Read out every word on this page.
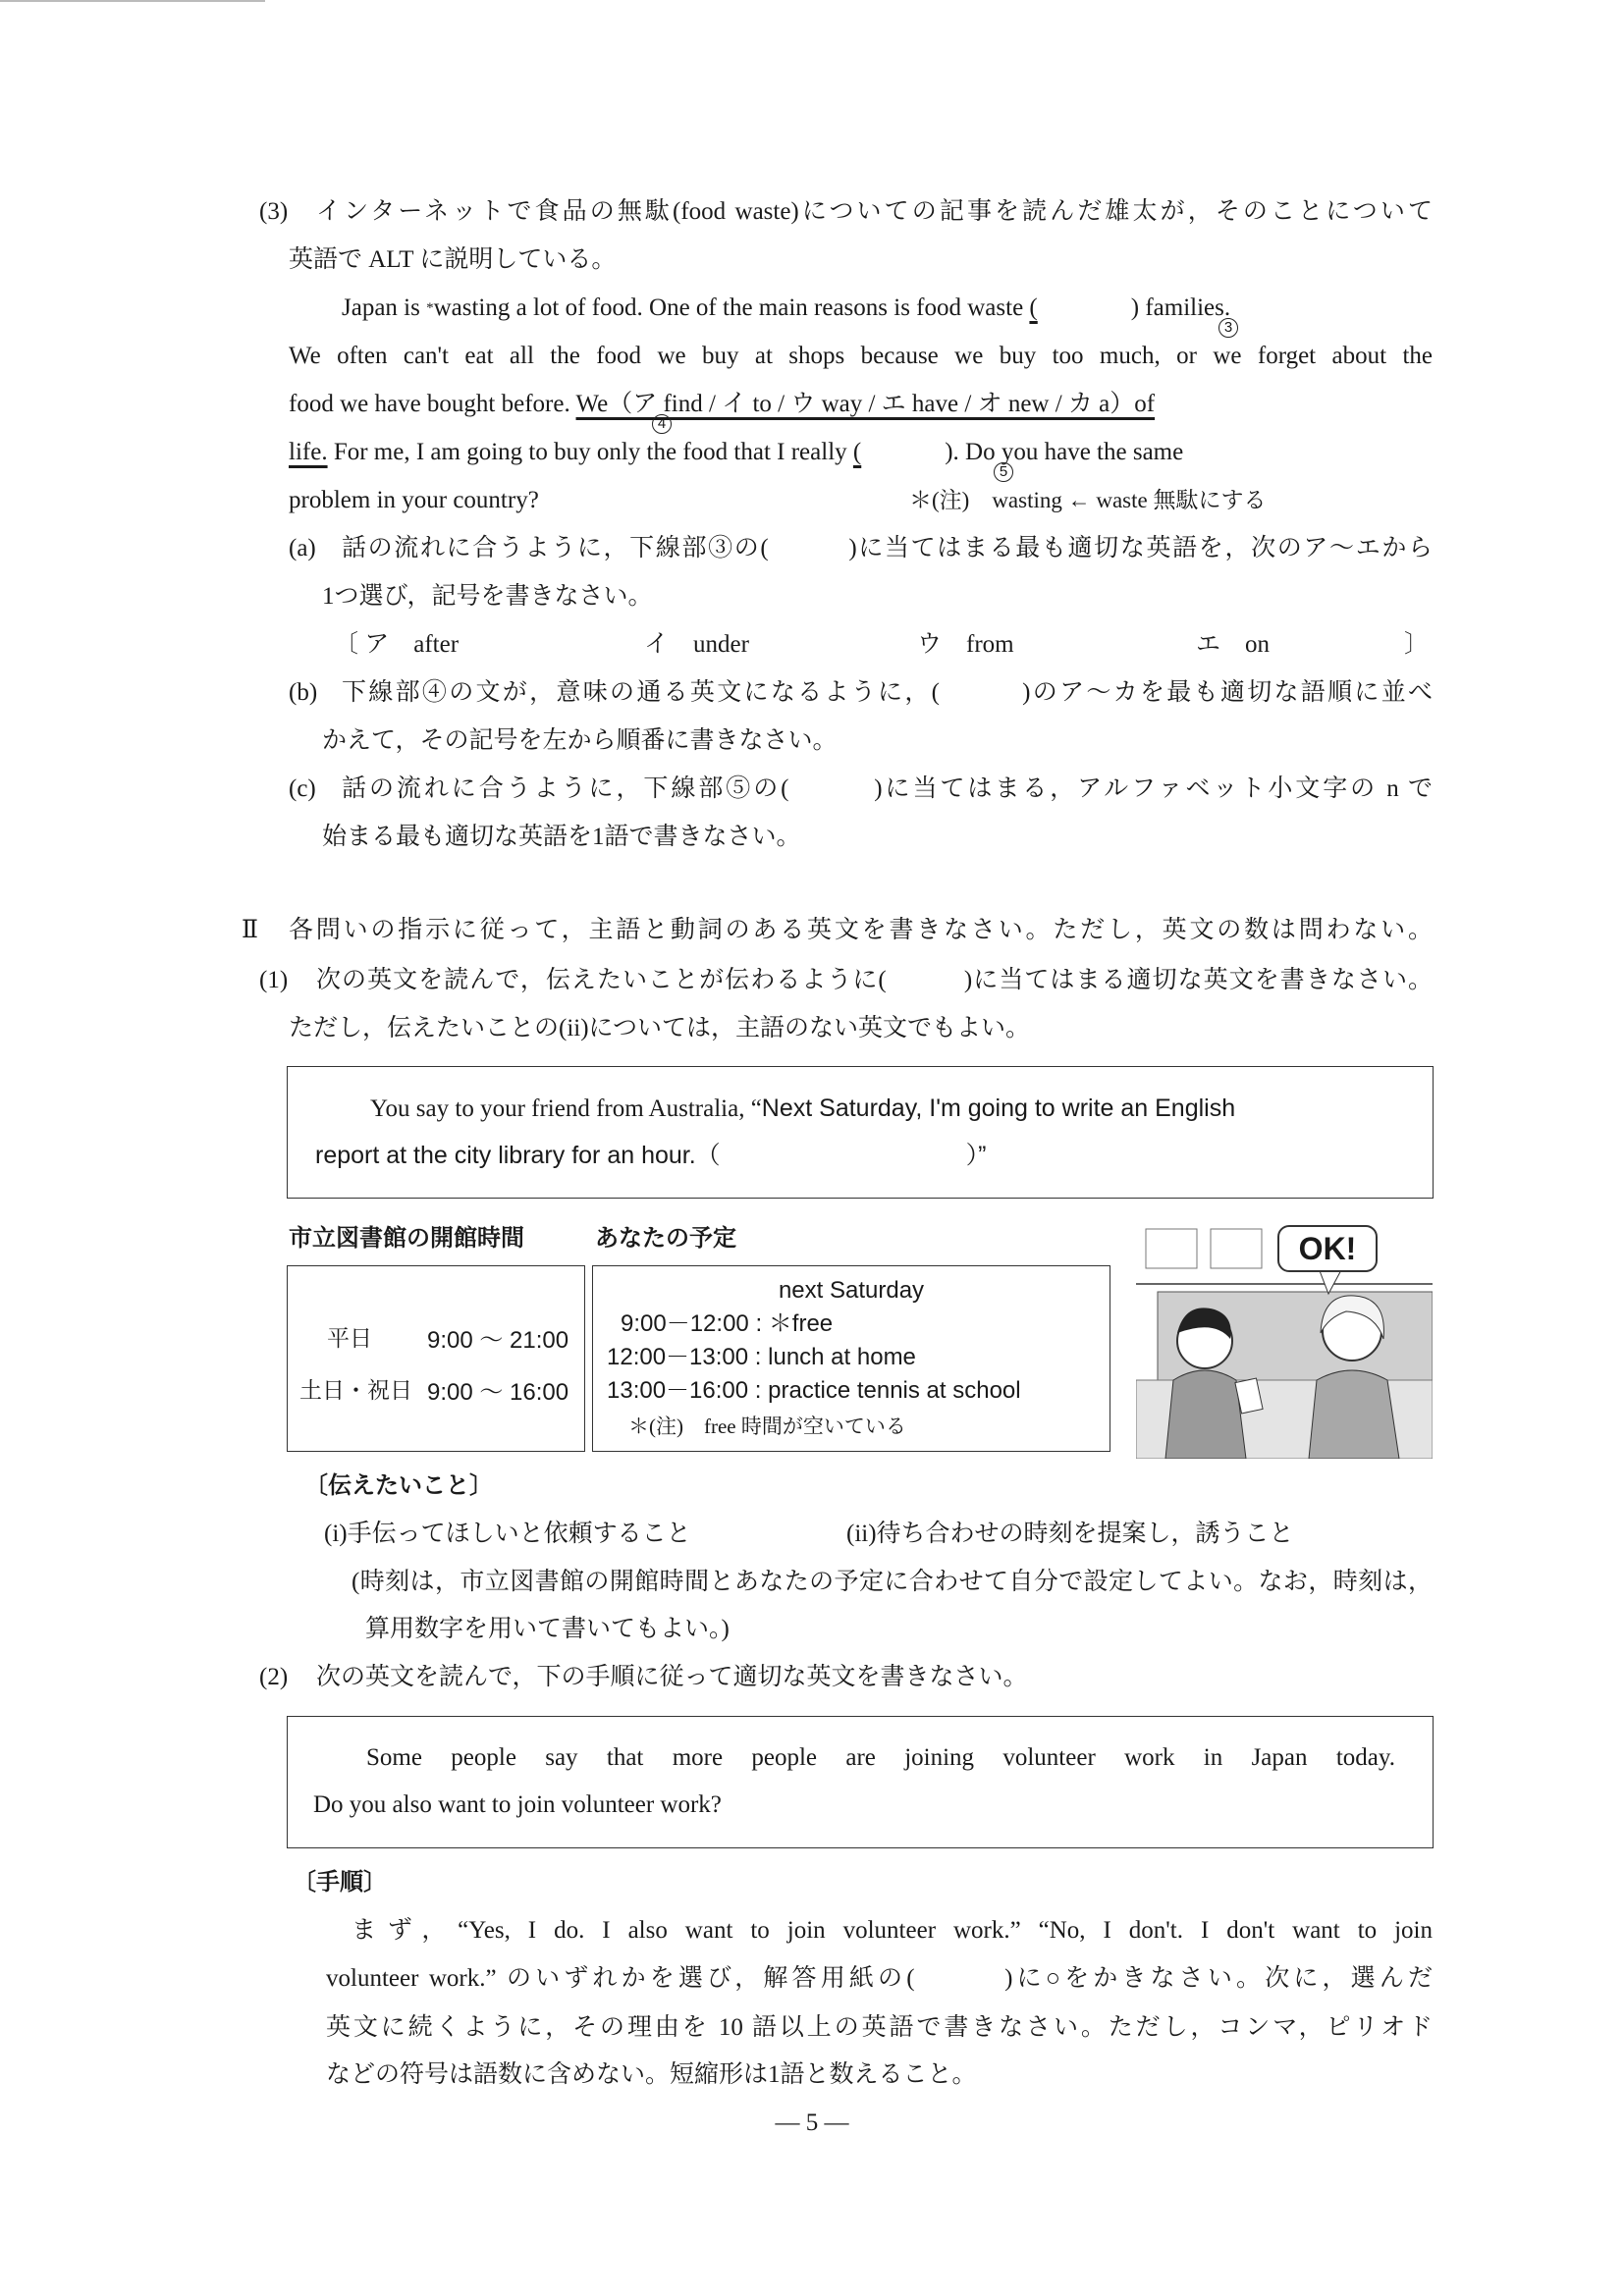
(3) インターネットで食品の無駄(food waste)についての記事を読んだ雄太が，そのことについて
英語で ALT に説明している。
Japan is *wasting a lot of food. One of the main reasons is food waste (	) families.
3
We often can't eat all the food we buy at shops because we buy too much, or we forget about the
food we have bought before. We（ア find / イ to / ウ way / エ have / オ new / カ a）of
4
life. For me, I am going to buy only the food that I really (	). Do you have the same
5
problem in your country?	＊(注)　wasting ← waste 無駄にする
(a) 話の流れに合うように，下線部③の(　　　)に当てはまる最も適切な英語を，次のア～エから
1つ選び，記号を書きなさい。
〔 ア　after	イ　under	ウ　from	エ　on	〕
(b) 下線部④の文が，意味の通る英文になるように，(　　　)のア～カを最も適切な語順に並べ
かえて，その記号を左から順番に書きなさい。
(c) 話の流れに合うように，下線部⑤の(　　　)に当てはまる，アルファベット小文字の n で
始まる最も適切な英語を1語で書きなさい。
Ⅱ 各問いの指示に従って，主語と動詞のある英文を書きなさい。ただし，英文の数は問わない。
(1) 次の英文を読んで，伝えたいことが伝わるように(　　　)に当てはまる適切な英文を書きなさい。
ただし，伝えたいことの(ii)については，主語のない英文でもよい。
You say to your friend from Australia, “Next Saturday, I'm going to write an English
report at the city library for an hour.（　　　　　　　　　　）”
市立図書館の開館時間	あなたの予定
平日 9:00 ～ 21:00
土日・祝日 9:00 ～ 16:00
next Saturday
9:00－12:00 : ＊free
12:00－13:00 : lunch at home
13:00－16:00 : practice tennis at school
＊(注)　free 時間が空いている
OK!
〔伝えたいこと〕
(i)手伝ってほしいと依頼すること	(ii)待ち合わせの時刻を提案し，誘うこと
(時刻は，市立図書館の開館時間とあなたの予定に合わせて自分で設定してよい。なお，時刻は，
算用数字を用いて書いてもよい。)
(2) 次の英文を読んで，下の手順に従って適切な英文を書きなさい。
Some people say that more people are joining volunteer work in Japan today.
Do you also want to join volunteer work?
〔手順〕
まず，“Yes, I do. I also want to join volunteer work.” “No, I don't. I don't want to join
volunteer work.” のいずれかを選び，解答用紙の(　　　)に○をかきなさい。次に，選んだ
英文に続くように，その理由を 10 語以上の英語で書きなさい。ただし，コンマ，ピリオド
などの符号は語数に含めない。短縮形は1語と数えること。
— 5 —
